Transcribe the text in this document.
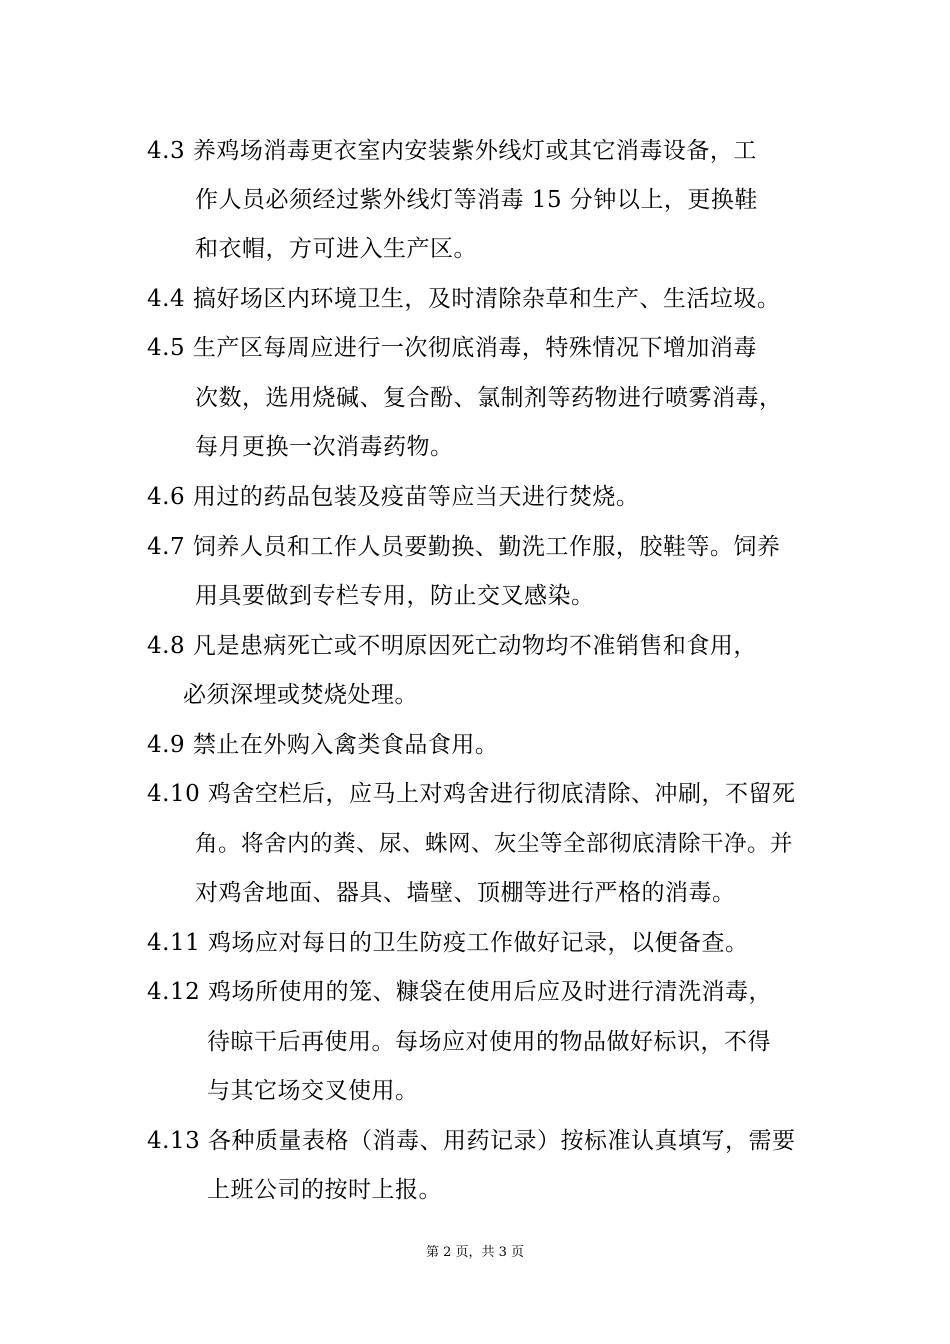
4.3 养鸡场消毒更衣室内安装紫外线灯或其它消毒设备，工
作人员必须经过紫外线灯等消毒 15 分钟以上，更换鞋
和衣帽，方可进入生产区。
4.4 搞好场区内环境卫生，及时清除杂草和生产、生活垃圾。
4.5 生产区每周应进行一次彻底消毒，特殊情况下增加消毒
次数，选用烧碱、复合酚、氯制剂等药物进行喷雾消毒，
每月更换一次消毒药物。
4.6 用过的药品包装及疫苗等应当天进行焚烧。
4.7 饲养人员和工作人员要勤换、勤洗工作服，胶鞋等。饲养
用具要做到专栏专用，防止交叉感染。
4.8 凡是患病死亡或不明原因死亡动物均不准销售和食用，
必须深埋或焚烧处理。
4.9 禁止在外购入禽类食品食用。
4.10 鸡舍空栏后，应马上对鸡舍进行彻底清除、冲刷，不留死
角。将舍内的粪、尿、蛛网、灰尘等全部彻底清除干净。并
对鸡舍地面、器具、墙壁、顶棚等进行严格的消毒。
4.11 鸡场应对每日的卫生防疫工作做好记录，以便备查。
4.12 鸡场所使用的笼、糠袋在使用后应及时进行清洗消毒，
待晾干后再使用。每场应对使用的物品做好标识，不得
与其它场交叉使用。
4.13 各种质量表格（消毒、用药记录）按标准认真填写，需要
上班公司的按时上报。
第 2 页，共 3 页
